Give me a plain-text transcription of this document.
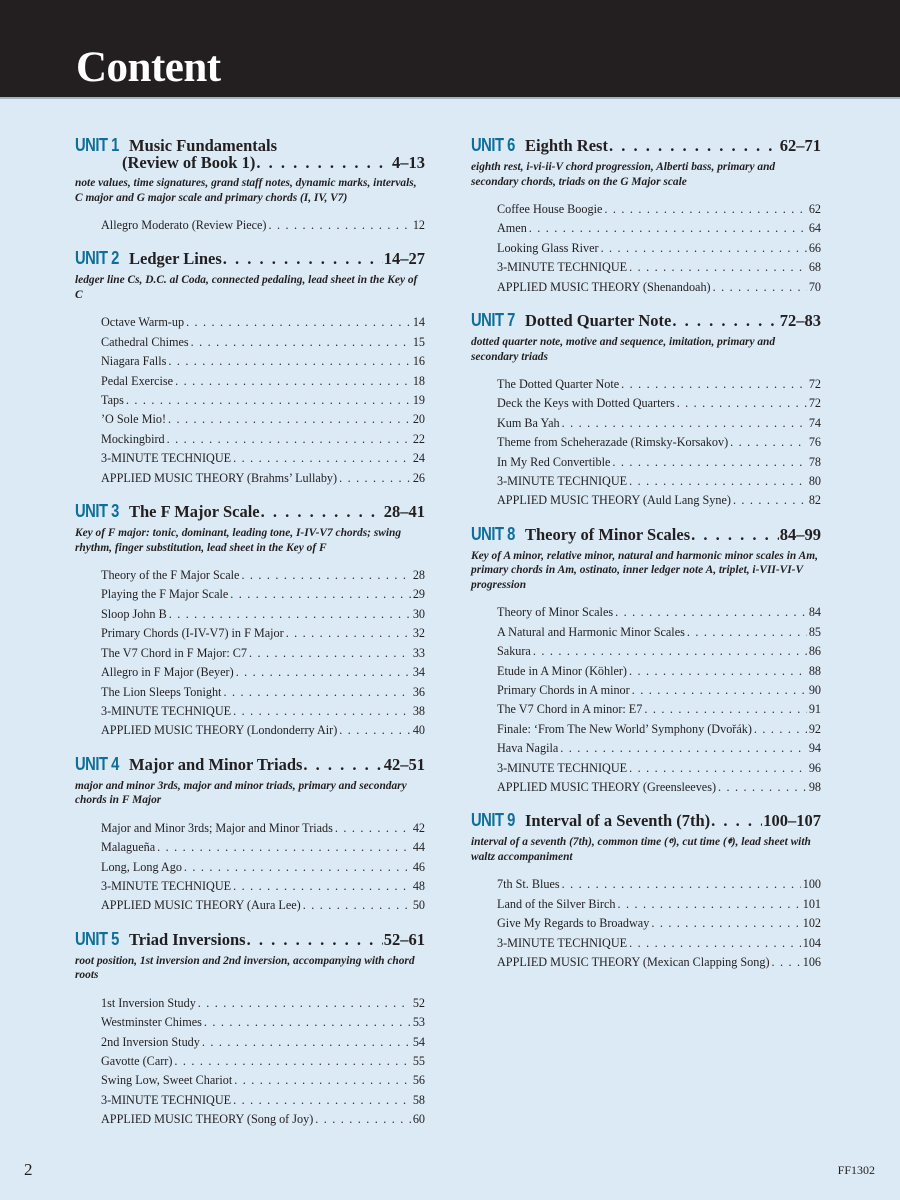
Content
UNIT 1 Music Fundamentals
(Review of Book 1) . . .	4–13
note values, time signatures, grand staff notes, dynamic marks, intervals, C major and G major scale and primary chords (I, IV, V7)
Allegro Moderato (Review Piece) . . .	12
UNIT 2 Ledger Lines . . .	14–27
ledger line Cs, D.C. al Coda, connected pedaling, lead sheet in the Key of C
Octave Warm-up . . .	14
Cathedral Chimes . . .	15
Niagara Falls . . .	16
Pedal Exercise . . .	18
Taps . . .	19
’O Sole Mio! . . .	20
Mockingbird . . .	22
3-MINUTE TECHNIQUE . . .	24
APPLIED MUSIC THEORY (Brahms’ Lullaby) . . .	26
UNIT 3 The F Major Scale . . .	28–41
Key of F major: tonic, dominant, leading tone, I-IV-V7 chords; swing rhythm, finger substitution, lead sheet in the Key of F
Theory of the F Major Scale . . .	28
Playing the F Major Scale . . .	29
Sloop John B . . .	30
Primary Chords (I-IV-V7) in F Major . . .	32
The V7 Chord in F Major: C7 . . .	33
Allegro in F Major (Beyer) . . .	34
The Lion Sleeps Tonight . . .	36
3-MINUTE TECHNIQUE . . .	38
APPLIED MUSIC THEORY (Londonderry Air) . . .	40
UNIT 4 Major and Minor Triads . . .	42–51
major and minor 3rds, major and minor triads, primary and secondary chords in F Major
Major and Minor 3rds; Major and Minor Triads . . .	42
Malagueña . . .	44
Long, Long Ago . . .	46
3-MINUTE TECHNIQUE . . .	48
APPLIED MUSIC THEORY (Aura Lee) . . .	50
UNIT 5 Triad Inversions . . .	52–61
root position, 1st inversion and 2nd inversion, accompanying with chord roots
1st Inversion Study . . .	52
Westminster Chimes . . .	53
2nd Inversion Study . . .	54
Gavotte (Carr) . . .	55
Swing Low, Sweet Chariot . . .	56
3-MINUTE TECHNIQUE . . .	58
APPLIED MUSIC THEORY (Song of Joy) . . .	60
UNIT 6 Eighth Rest . . .	62–71
eighth rest, i-vi-ii-V chord progression, Alberti bass, primary and secondary chords, triads on the G Major scale
Coffee House Boogie . . .	62
Amen . . .	64
Looking Glass River . . .	66
3-MINUTE TECHNIQUE . . .	68
APPLIED MUSIC THEORY (Shenandoah) . . .	70
UNIT 7 Dotted Quarter Note . . .	72–83
dotted quarter note, motive and sequence, imitation, primary and secondary triads
The Dotted Quarter Note . . .	72
Deck the Keys with Dotted Quarters . . .	72
Kum Ba Yah . . .	74
Theme from Scheherazade (Rimsky-Korsakov) . . .	76
In My Red Convertible . . .	78
3-MINUTE TECHNIQUE . . .	80
APPLIED MUSIC THEORY (Auld Lang Syne) . . .	82
UNIT 8 Theory of Minor Scales . . .	84–99
Key of A minor, relative minor, natural and harmonic minor scales in Am, primary chords in Am, ostinato, inner ledger note A, triplet, i-VII-VI-V progression
Theory of Minor Scales . . .	84
A Natural and Harmonic Minor Scales . . .	85
Sakura . . .	86
Etude in A Minor (Köhler) . . .	88
Primary Chords in A minor . . .	90
The V7 Chord in A minor: E7 . . .	91
Finale: ‘From The New World’ Symphony (Dvořák) . . .	92
Hava Nagila . . .	94
3-MINUTE TECHNIQUE . . .	96
APPLIED MUSIC THEORY (Greensleeves) . . .	98
UNIT 9 Interval of a Seventh (7th) . . .	100–107
interval of a seventh (7th), common time (𝄴), cut time (𝄵), lead sheet with waltz accompaniment
7th St. Blues . . .	100
Land of the Silver Birch . . .	101
Give My Regards to Broadway . . .	102
3-MINUTE TECHNIQUE . . .	104
APPLIED MUSIC THEORY (Mexican Clapping Song) . . .	106
2	FF1302
